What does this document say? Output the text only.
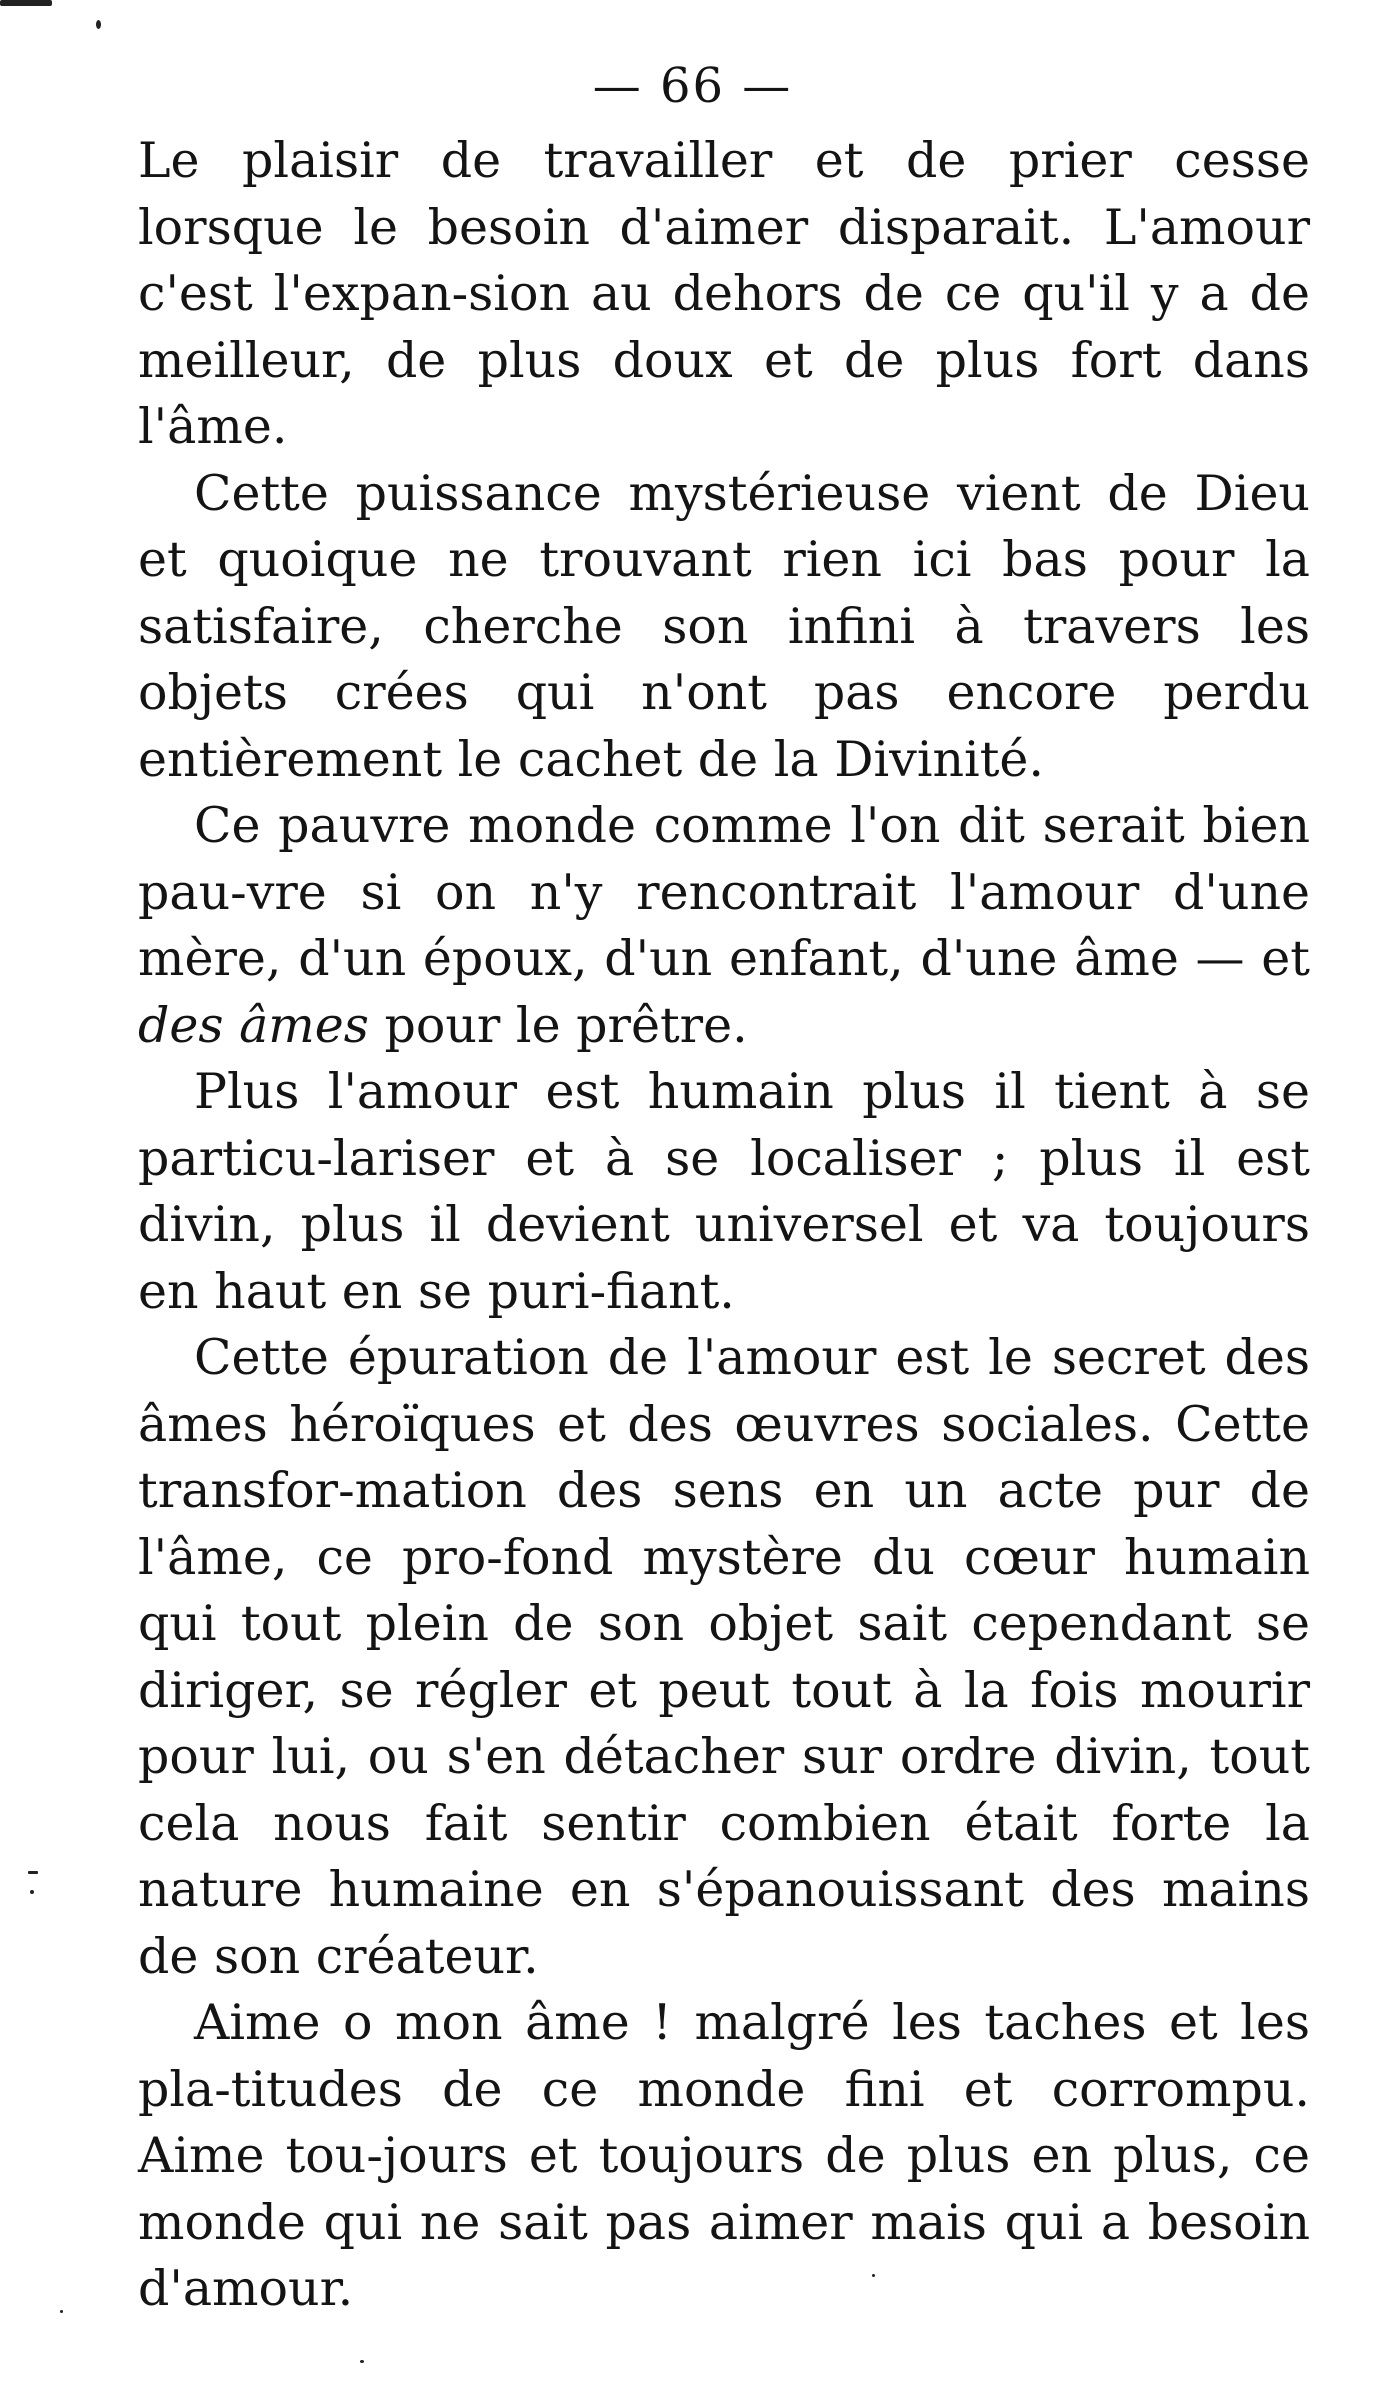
— 66 —

Le plaisir de travailler et de prier cesse lorsque le besoin d'aimer disparait. L'amour c'est l'expan-sion au dehors de ce qu'il y a de meilleur, de plus doux et de plus fort dans l'âme.

Cette puissance mystérieuse vient de Dieu et quoique ne trouvant rien ici bas pour la satisfaire, cherche son infini à travers les objets crées qui n'ont pas encore perdu entièrement le cachet de la Divinité.

Ce pauvre monde comme l'on dit serait bien pau-vre si on n'y rencontrait l'amour d'une mère, d'un époux, d'un enfant, d'une âme — et des âmes pour le prêtre.

Plus l'amour est humain plus il tient à se particu-lariser et à se localiser ; plus il est divin, plus il devient universel et va toujours en haut en se puri-fiant.

Cette épuration de l'amour est le secret des âmes héroïques et des œuvres sociales. Cette transfor-mation des sens en un acte pur de l'âme, ce pro-fond mystère du cœur humain qui tout plein de son objet sait cependant se diriger, se régler et peut tout à la fois mourir pour lui, ou s'en détacher sur ordre divin, tout cela nous fait sentir combien était forte la nature humaine en s'épanouissant des mains de son créateur.

Aime o mon âme ! malgré les taches et les pla-titudes de ce monde fini et corrompu. Aime tou-jours et toujours de plus en plus, ce monde qui ne sait pas aimer mais qui a besoin d'amour.
